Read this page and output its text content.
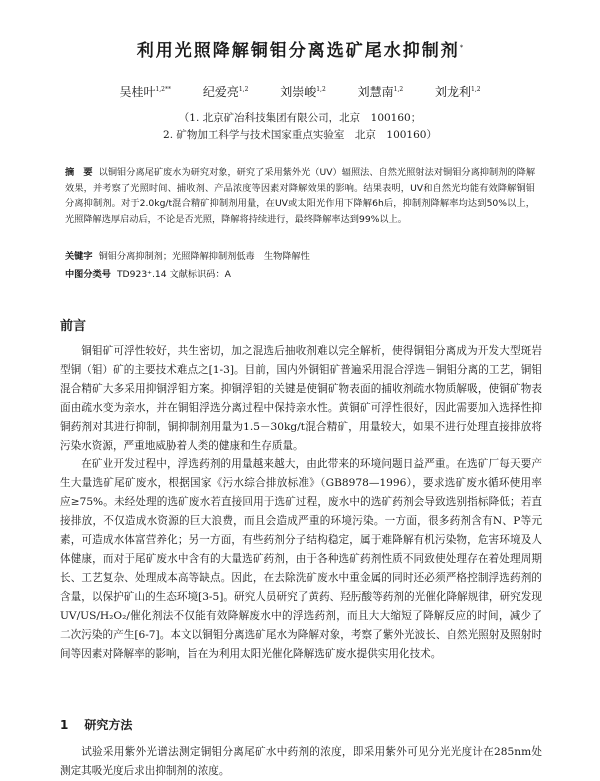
利用光照降解铜钼分离选矿尾水抑制剂*
吴桂叶$^{1,2**}$	纪爱亮$^{1,2}$	刘崇峻$^{1,2}$	刘慧南$^{1,2}$	刘龙利$^{1,2}$
（1. 北京矿冶科技集团有限公司，北京　100160；
2. 矿物加工科学与技术国家重点实验室　北京　100160）
摘　要 以铜钼分离尾矿废水为研究对象，研究了采用紫外光（UV）辐照法、自然光照射法对铜钼分离抑制剂的降解效果，并考察了光照时间、捕收剂、产品浓度等因素对降解效果的影响。结果表明，UV和自然光均能有效降解铜钼分离抑制剂。对于2.0kg/t混合精矿抑制剂用量，在UV或太阳光作用下降解6h后，抑制剂降解率均达到50%以上，光照降解选厚启动后，不论是否光照，降解将持续进行，最终降解率达到99%以上。
关键字 铜钼分离抑制剂；光照降解抑制剂低毒　生物降解性
中图分类号 TD923⁺.14 文献标识码：A
前言

铜钼矿可浮性较好，共生密切，加之混选后抽收剂难以完全解析，使得铜钼分离成为开发大型斑岩型铜（钼）矿的主要技术难点之[1-3]。目前，国内外铜钼矿普遍采用混合浮选－铜钼分离的工艺，铜钼混合精矿大多采用抑铜浮钼方案。抑铜浮钼的关键是使铜矿物表面的捕收剂疏水物质解吸，使铜矿物表面由疏水变为亲水，并在铜钼浮选分离过程中保持亲水性。黄铜矿可浮性很好，因此需要加入选择性抑铜药剂对其进行抑制，铜抑制剂用量为1.5－30kg/t混合精矿，用量较大，如果不进行处理直接排放将污染水资源，严重地威胁着人类的健康和生存质量。

在矿业开发过程中，浮选药剂的用量越来越大，由此带来的环境问题日益严重。在选矿厂每天要产生大量选矿尾矿废水，根据国家《污水综合排放标准》（GB8978—1996），要求选矿废水循环使用率应≥75%。未经处理的选矿废水若直接回用于选矿过程，废水中的选矿药剂会导致选别指标降低；若直接排放，不仅造成水资源的巨大浪费，而且会造成严重的环境污染。一方面，很多药剂含有N、P等元素，可造成水体富营养化；另一方面，有些药剂分子结构稳定，属于难降解有机污染物，危害环境及人体健康，而对于尾矿废水中含有的大量选矿药剂，由于各种选矿药剂性质不同致使处理存在着处理周期长、工艺复杂、处理成本高等缺点。因此，在去除洗矿废水中重金属的同时还必须严格控制浮选药剂的含量，以保护矿山的生态环境[3-5]。研究人员研究了黄药、羟肟酸等药剂的光催化降解规律，研究发现UV/US/H₂O₂/催化剂法不仅能有效降解废水中的浮选药剂，而且大大缩短了降解反应的时间，减少了二次污染的产生[6-7]。本文以铜钼分离选矿尾水为降解对象，考察了紫外光波长、自然光照射及照射时间等因素对降解率的影响，旨在为利用太阳光催化降解选矿废水提供实用化技术。

1 研究方法

试验采用紫外光谱法测定铜钼分离尾矿水中药剂的浓度，即采用紫外可见分光光度计在285nm处测定其吸光度后求出抑制剂的浓度。
